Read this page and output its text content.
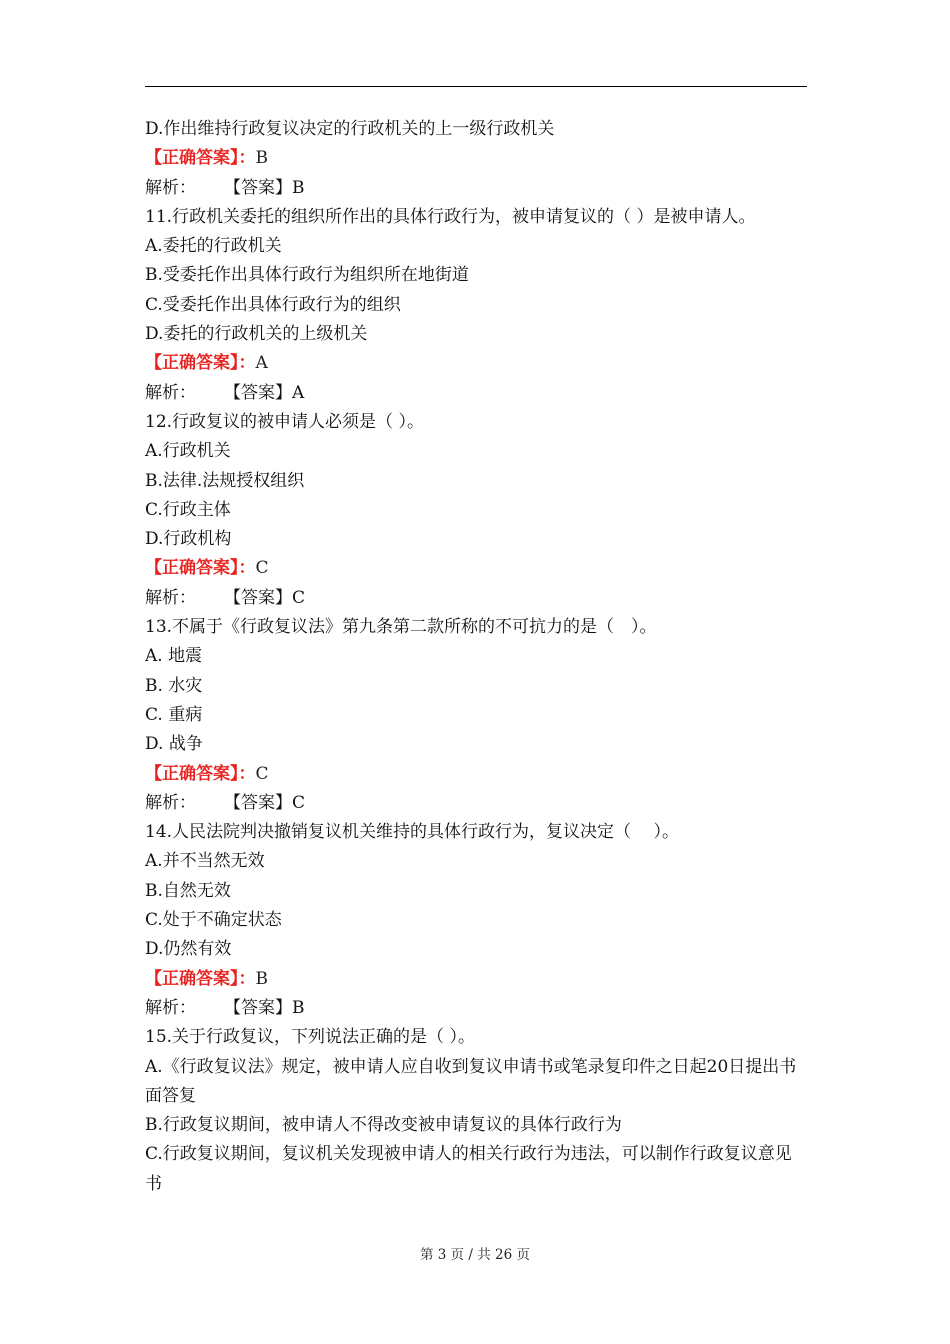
D.作出维持行政复议决定的行政机关的上一级行政机关
【正确答案】：B
解析： 【答案】B
11.行政机关委托的组织所作出的具体行政行为，被申请复议的（ ）是被申请人。
A.委托的行政机关
B.受委托作出具体行政行为组织所在地街道
C.受委托作出具体行政行为的组织
D.委托的行政机关的上级机关
【正确答案】：A
解析： 【答案】A
12.行政复议的被申请人必须是（ ）。
A.行政机关
B.法律.法规授权组织
C.行政主体
D.行政机构
【正确答案】：C
解析： 【答案】C
13.不属于《行政复议法》第九条第二款所称的不可抗力的是（　）。
A. 地震
B. 水灾
C. 重病
D. 战争
【正确答案】：C
解析： 【答案】C
14.人民法院判决撤销复议机关维持的具体行政行为，复议决定（　 ）。
A.并不当然无效
B.自然无效
C.处于不确定状态
D.仍然有效
【正确答案】：B
解析： 【答案】B
15.关于行政复议，下列说法正确的是（ ）。
A.《行政复议法》规定，被申请人应自收到复议申请书或笔录复印件之日起20日提出书面答复
B.行政复议期间，被申请人不得改变被申请复议的具体行政行为
C.行政复议期间，复议机关发现被申请人的相关行政行为违法，可以制作行政复议意见书
第 3 页 / 共 26 页
